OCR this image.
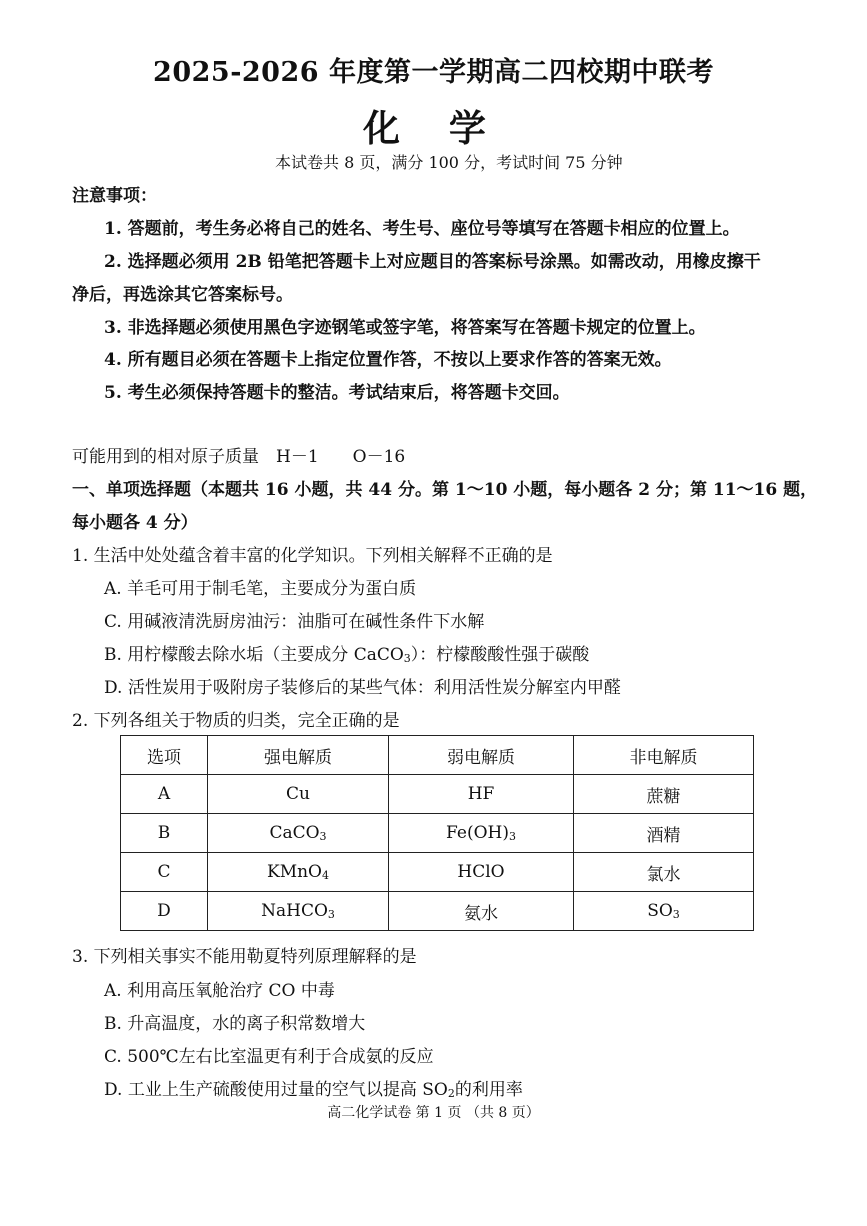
2025-2026 年度第一学期高二四校期中联考
化 学
本试卷共 8 页，满分 100 分，考试时间 75 分钟
注意事项：
1. 答题前，考生务必将自己的姓名、考生号、座位号等填写在答题卡相应的位置上。
2. 选择题必须用 2B 铅笔把答题卡上对应题目的答案标号涂黑。如需改动，用橡皮擦干
净后，再选涂其它答案标号。
3. 非选择题必须使用黑色字迹钢笔或签字笔，将答案写在答题卡规定的位置上。
4. 所有题目必须在答题卡上指定位置作答，不按以上要求作答的答案无效。
5. 考生必须保持答题卡的整洁。考试结束后，将答题卡交回。
可能用到的相对原子质量　H－1　　O－16
一、单项选择题（本题共 16 小题，共 44 分。第 1～10 小题，每小题各 2 分；第 11～16 题，
每小题各 4 分）
1. 生活中处处蕴含着丰富的化学知识。下列相关解释不正确的是
A. 羊毛可用于制毛笔，主要成分为蛋白质
C. 用碱液清洗厨房油污：油脂可在碱性条件下水解
B. 用柠檬酸去除水垢（主要成分 CaCO$_3$）：柠檬酸酸性强于碳酸
D. 活性炭用于吸附房子装修后的某些气体：利用活性炭分解室内甲醛
2. 下列各组关于物质的归类，完全正确的是
选项	强电解质	弱电解质	非电解质
A	Cu	HF	蔗糖
B	CaCO$_3$	$Fe(OH)_3$	酒精
C	KMnO$_4$	HClO	氯水
D	NaHCO$_3$	氨水	$SO_3$
3. 下列相关事实不能用勒夏特列原理解释的是
A. 利用高压氧舱治疗 CO 中毒
B. 升高温度，水的离子积常数增大
C. 500℃左右比室温更有利于合成氨的反应
D. 工业上生产硫酸使用过量的空气以提高 $SO_2$的利用率
高二化学试卷 第 1 页 （共 8 页）
